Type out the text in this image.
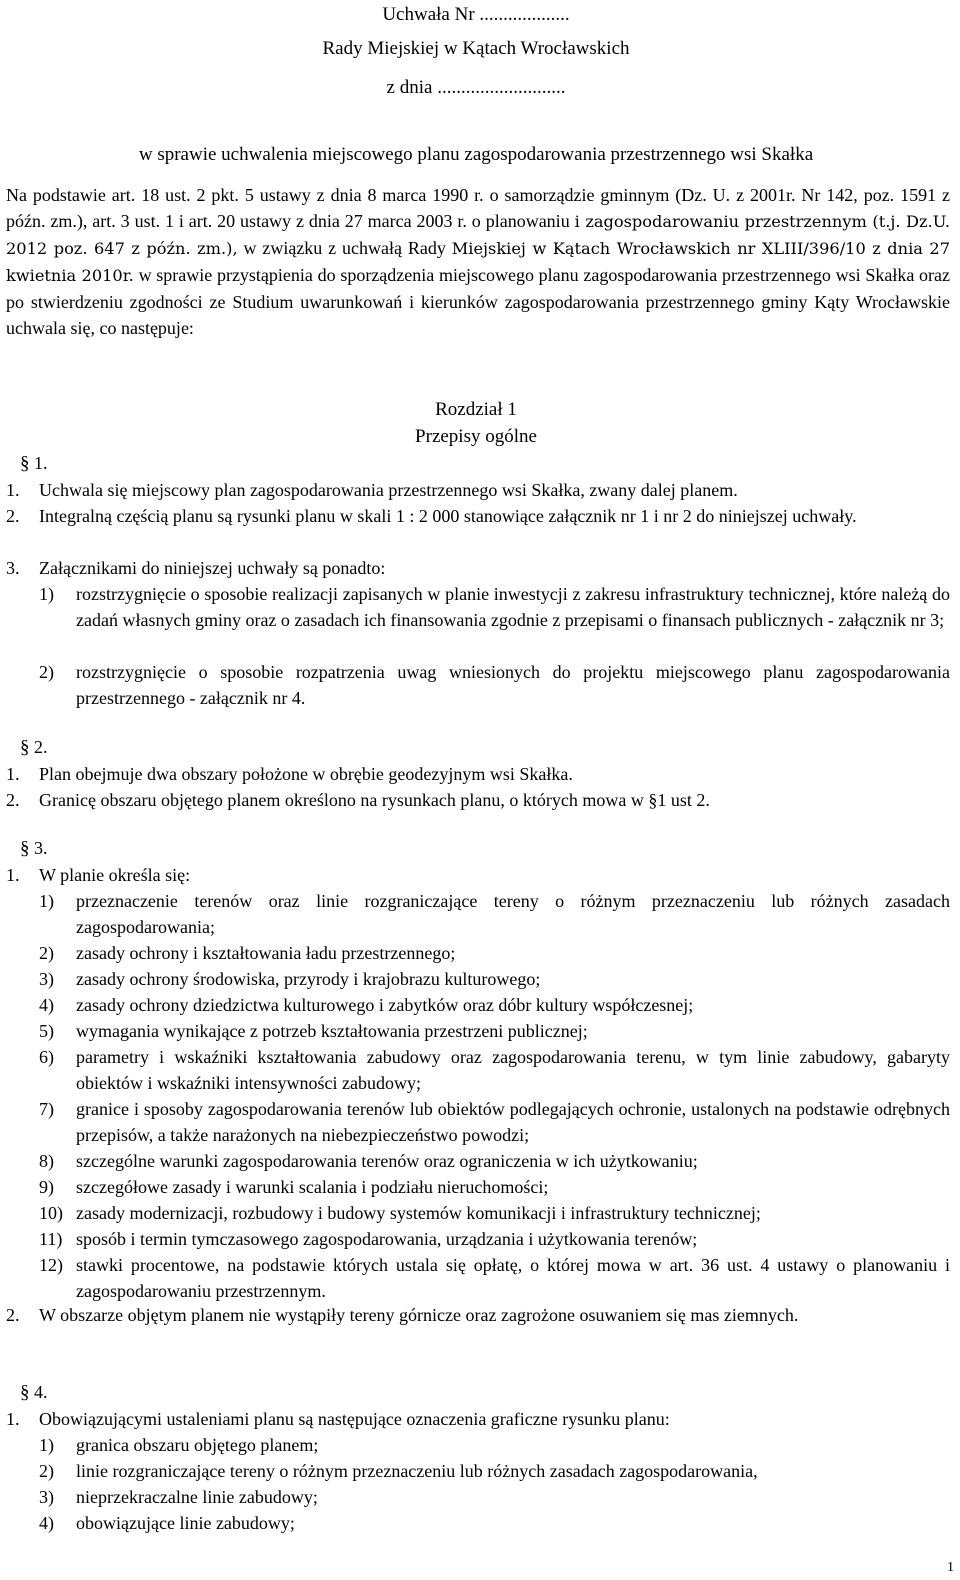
Uchwała Nr ...................

Rady Miejskiej w Kątach Wrocławskich

z dnia ...........................

w sprawie uchwalenia miejscowego planu zagospodarowania przestrzennego wsi Skałka

Na podstawie art. 18 ust. 2 pkt. 5 ustawy z dnia 8 marca 1990 r. o samorządzie gminnym (Dz. U. z 2001r. Nr 142, poz. 1591 z późn. zm.), art. 3 ust. 1 i art. 20 ustawy z dnia 27 marca 2003 r. o planowaniu i zagospodarowaniu przestrzennym (t.j. Dz.U. 2012 poz. 647 z późn. zm.), w związku z uchwałą Rady Miejskiej w Kątach Wrocławskich nr XLIII/396/10 z dnia 27 kwietnia 2010r. w sprawie przystąpienia do sporządzenia miejscowego planu zagospodarowania przestrzennego wsi Skałka oraz po stwierdzeniu zgodności ze Studium uwarunkowań i kierunków zagospodarowania przestrzennego gminy Kąty Wrocławskie uchwala się, co następuje:

Rozdział 1

Przepisy ogólne

§ 1.

1. Uchwala się miejscowy plan zagospodarowania przestrzennego wsi Skałka, zwany dalej planem.
2. Integralną częścią planu są rysunki planu w skali 1 : 2 000 stanowiące załącznik nr 1 i nr 2 do niniejszej uchwały.
3. Załącznikami do niniejszej uchwały są ponadto:
1) rozstrzygnięcie o sposobie realizacji zapisanych w planie inwestycji z zakresu infrastruktury technicznej, które należą do zadań własnych gminy oraz o zasadach ich finansowania zgodnie z przepisami o finansach publicznych - załącznik nr 3;
2) rozstrzygnięcie o sposobie rozpatrzenia uwag wniesionych do projektu miejscowego planu zagospodarowania przestrzennego - załącznik nr 4.

§ 2.

1. Plan obejmuje dwa obszary położone w obrębie geodezyjnym wsi Skałka.
2. Granicę obszaru objętego planem określono na rysunkach planu, o których mowa w §1 ust 2.

§ 3.

1. W planie określa się:
1) przeznaczenie terenów oraz linie rozgraniczające tereny o różnym przeznaczeniu lub różnych zasadach zagospodarowania;
2) zasady ochrony i kształtowania ładu przestrzennego;
3) zasady ochrony środowiska, przyrody i krajobrazu kulturowego;
4) zasady ochrony dziedzictwa kulturowego i zabytków oraz dóbr kultury współczesnej;
5) wymagania wynikające z potrzeb kształtowania przestrzeni publicznej;
6) parametry i wskaźniki kształtowania zabudowy oraz zagospodarowania terenu, w tym linie zabudowy, gabaryty obiektów i wskaźniki intensywności zabudowy;
7) granice i sposoby zagospodarowania terenów lub obiektów podlegających ochronie, ustalonych na podstawie odrębnych przepisów, a także narażonych na niebezpieczeństwo powodzi;
8) szczególne warunki zagospodarowania terenów oraz ograniczenia w ich użytkowaniu;
9) szczegółowe zasady i warunki scalania i podziału nieruchomości;
10) zasady modernizacji, rozbudowy i budowy systemów komunikacji i infrastruktury technicznej;
11) sposób i termin tymczasowego zagospodarowania, urządzania i użytkowania terenów;
12) stawki procentowe, na podstawie których ustala się opłatę, o której mowa w art. 36 ust. 4 ustawy o planowaniu i zagospodarowaniu przestrzennym.
2. W obszarze objętym planem nie wystąpiły tereny górnicze oraz zagrożone osuwaniem się mas ziemnych.

§ 4.

1. Obowiązującymi ustaleniami planu są następujące oznaczenia graficzne rysunku planu:
1) granica obszaru objętego planem;
2) linie rozgraniczające tereny o różnym przeznaczeniu lub różnych zasadach zagospodarowania,
3) nieprzekraczalne linie zabudowy;
4) obowiązujące linie zabudowy;
1
